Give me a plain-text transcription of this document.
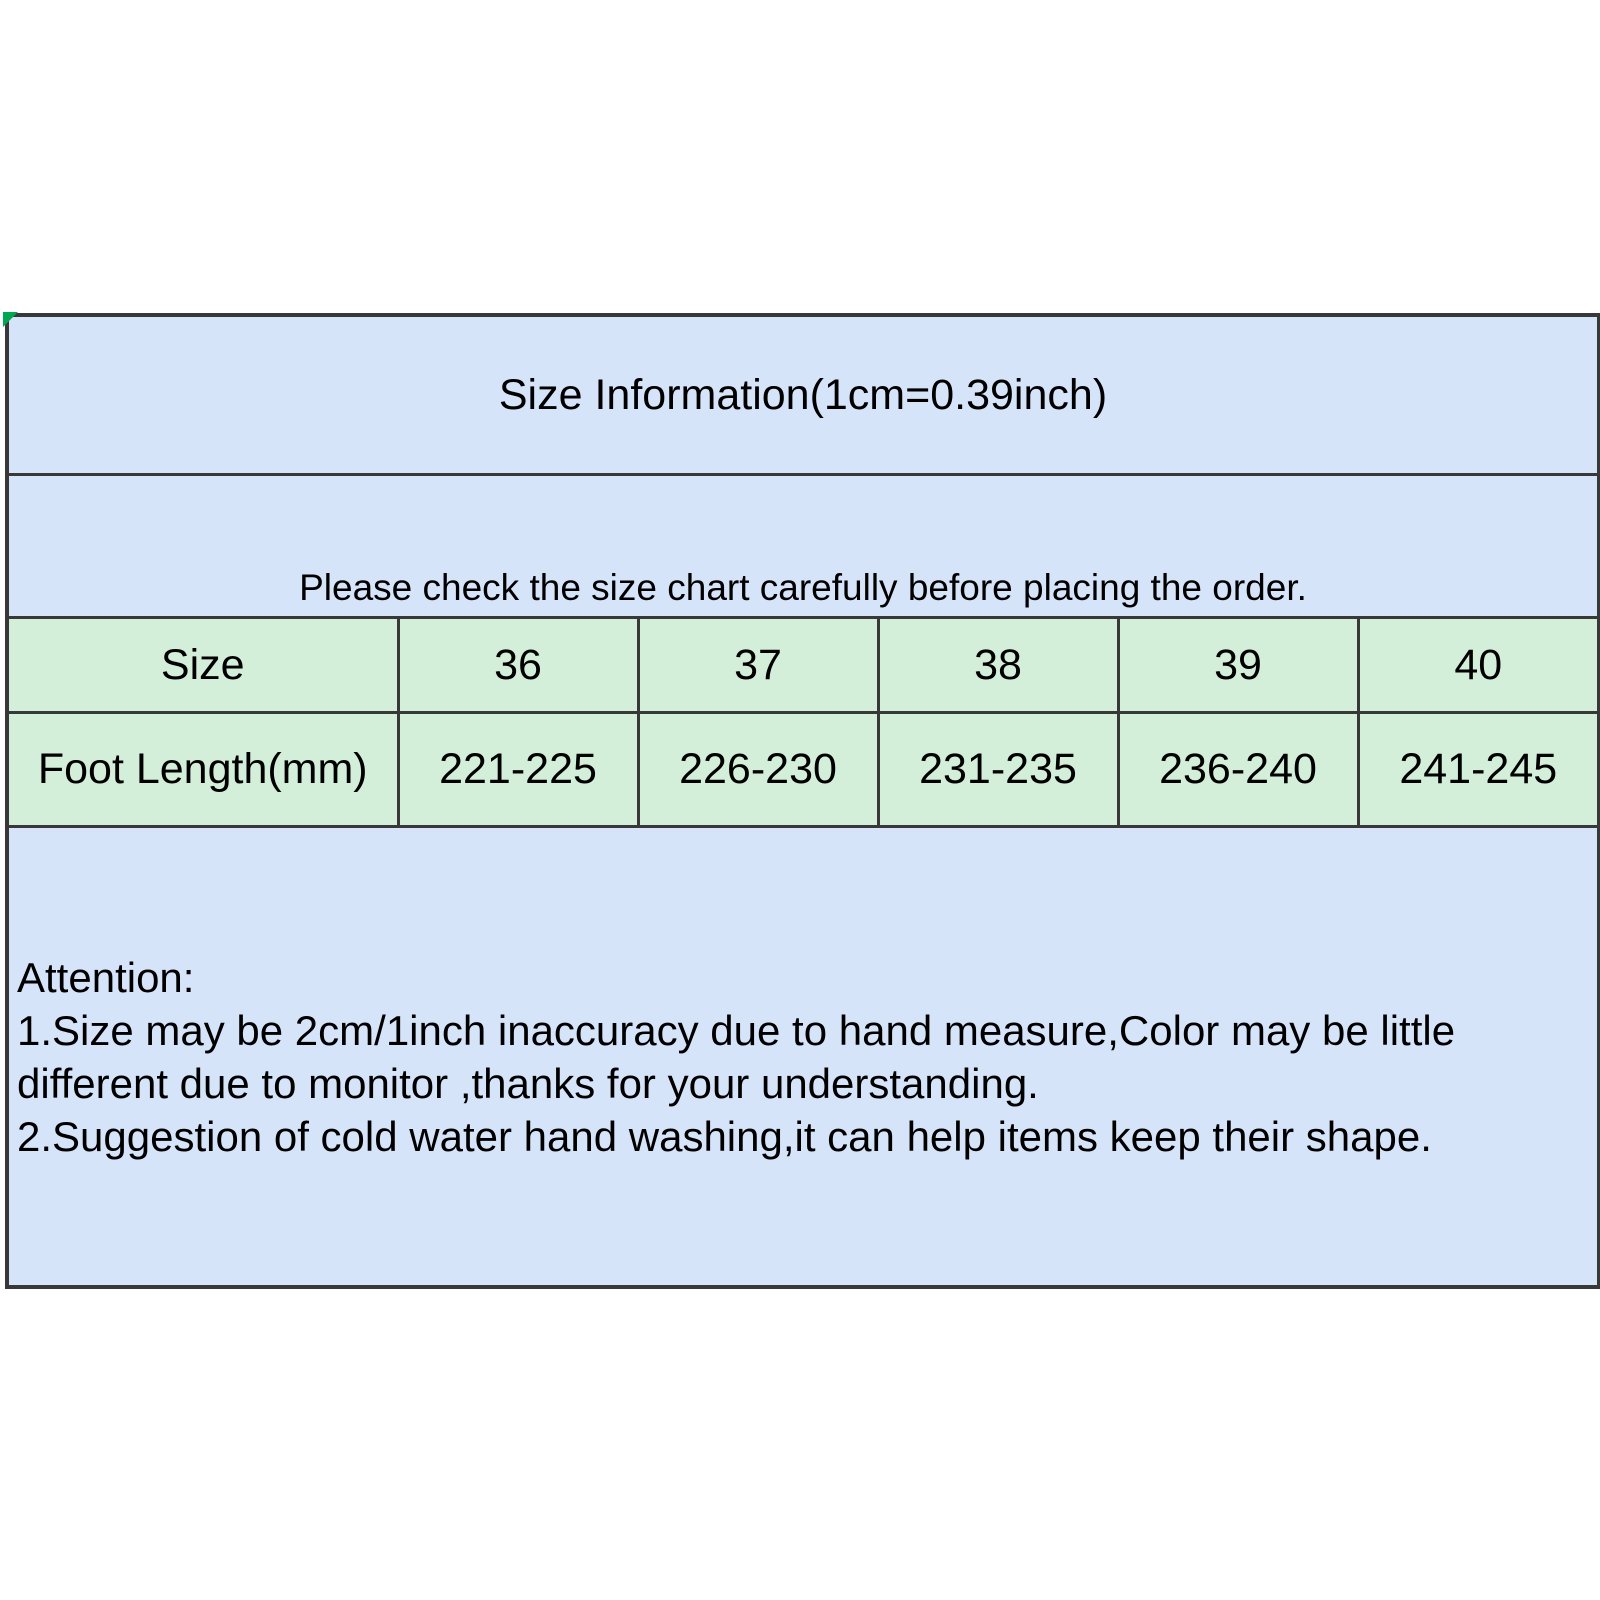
Size Information(1cm=0.39inch)					
Please check the size chart carefully before placing the order.					
Size	36	37	38	39	40
Foot Length(mm)	221-225	226-230	231-235	236-240	241-245

Attention:
1.Size may be 2cm/1inch inaccuracy due to hand measure,Color may be little different due to monitor ,thanks for your understanding.
2.Suggestion of cold water hand washing,it can help items keep their shape.					
